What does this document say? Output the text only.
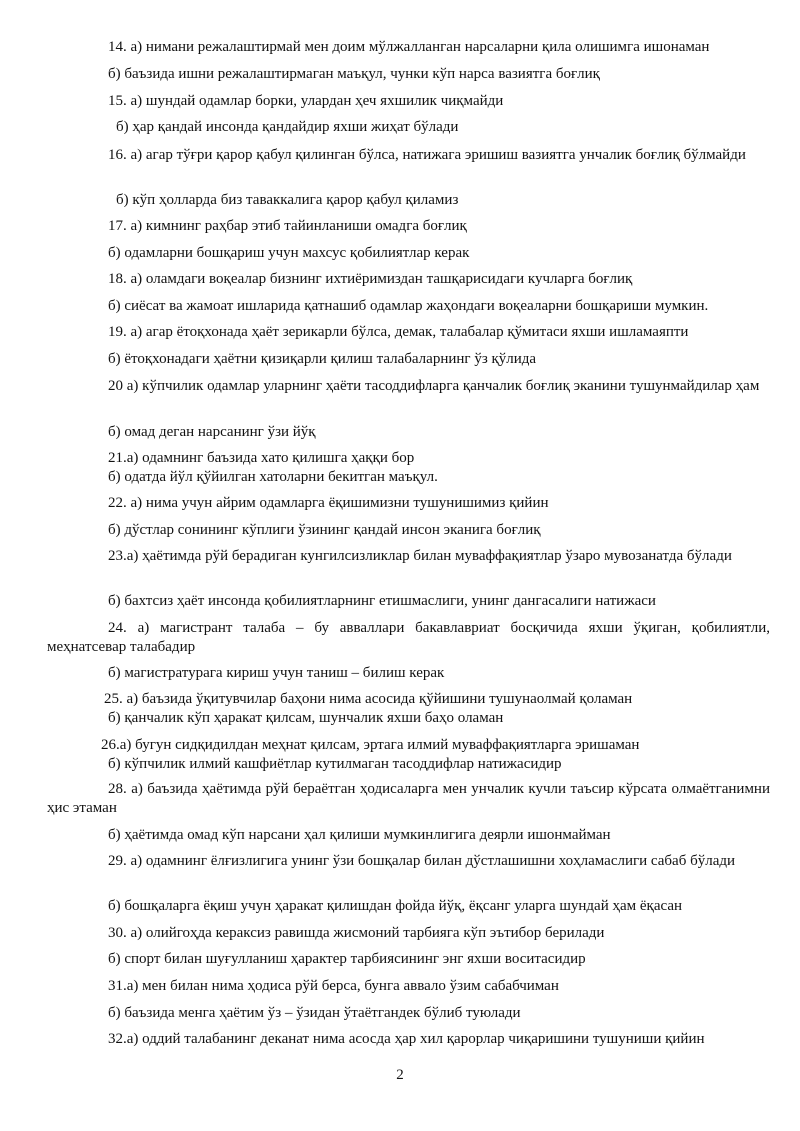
14. а) нимани режалаштирмай мен доим мўлжалланган нарсаларни қила олишимга ишонаман
б) баъзида ишни режалаштирмаган маъқул, чунки кўп нарса вазиятга боғлиқ
15. а) шундай одамлар борки, улардан ҳеч яхшилик чиқмайди
б) ҳар қандай инсонда қандайдир яхши жиҳат бўлади
16. а) агар тўғри қарор қабул қилинган бўлса, натижага эришиш вазиятга унчалик боғлиқ бўлмайди
б) кўп ҳолларда биз таваккалига қарор қабул қиламиз
17. а) кимнинг раҳбар этиб тайинланиши омадга боғлиқ
б) одамларни бошқариш учун махсус қобилиятлар керак
18. а) оламдаги воқеалар бизнинг ихтиёримиздан ташқарисидаги кучларга боғлиқ
б) сиёсат ва жамоат ишларида қатнашиб одамлар жаҳондаги воқеаларни бошқариши мумкин.
19. а) агар ётоқхонада ҳаёт зерикарли бўлса, демак, талабалар қўмитаси яхши ишламаяпти
б) ётоқхонадаги ҳаётни қизиқарли қилиш талабаларнинг ўз қўлида
20 а) кўпчилик одамлар уларнинг ҳаёти тасоддифларга қанчалик боғлиқ эканини тушунмайдилар ҳам
б) омад деган нарсанинг ўзи йўқ
21.а) одамнинг баъзида хато қилишга ҳаққи бор
б) одатда йўл қўйилган хатоларни бекитган маъқул.
22. а) нима учун айрим одамларга ёқишимизни тушунишимиз қийин
б) дўстлар сонининг кўплиги ўзининг қандай инсон эканига боғлиқ
23.а) ҳаётимда рўй берадиган кунгилсизликлар билан муваффақиятлар ўзаро мувозанатда бўлади
б) бахтсиз ҳаёт инсонда қобилиятларнинг етишмаслиги, унинг дангасалиги натижаси
24. а) магистрант талаба – бу авваллари бакавлавриат босқичида яхши ўқиган, қобилиятли, меҳнатсевар талабадир
б) магистратурага кириш учун таниш – билиш керак
25. а) баъзида ўқитувчилар баҳони нима асосида қўйишини тушунаолмай қоламан
б) қанчалик кўп ҳаракат қилсам, шунчалик яхши баҳо оламан
26.а) бугун сидқидилдан меҳнат қилсам, эртага илмий муваффақиятларга эришаман
б) кўпчилик илмий кашфиётлар кутилмаган тасоддифлар натижасидир
28. а) баъзида ҳаётимда рўй бераётган ҳодисаларга мен унчалик кучли таъсир кўрсата олмаётганимни ҳис этаман
б) ҳаётимда омад кўп нарсани ҳал қилиши мумкинлигига деярли ишонмайман
29. а) одамнинг ёлғизлигига унинг ўзи бошқалар билан дўстлашишни хоҳламаслиги сабаб бўлади
б) бошқаларга ёқиш учун ҳаракат қилишдан фойда йўқ, ёқсанг уларга шундай ҳам ёқасан
30. а) олийгоҳда кераксиз равишда жисмоний тарбияга кўп эътибор берилади
б) спорт билан шуғулланиш ҳарактер тарбиясининг энг яхши воситасидир
31.а) мен билан нима ҳодиса рўй берса, бунга аввало ўзим сабабчиман
б) баъзида менга ҳаётим ўз – ўзидан ўтаётгандек бўлиб туюлади
32.а) оддий талабанинг деканат нима асосда ҳар хил қарорлар чиқаришини тушуниши қийин
2
